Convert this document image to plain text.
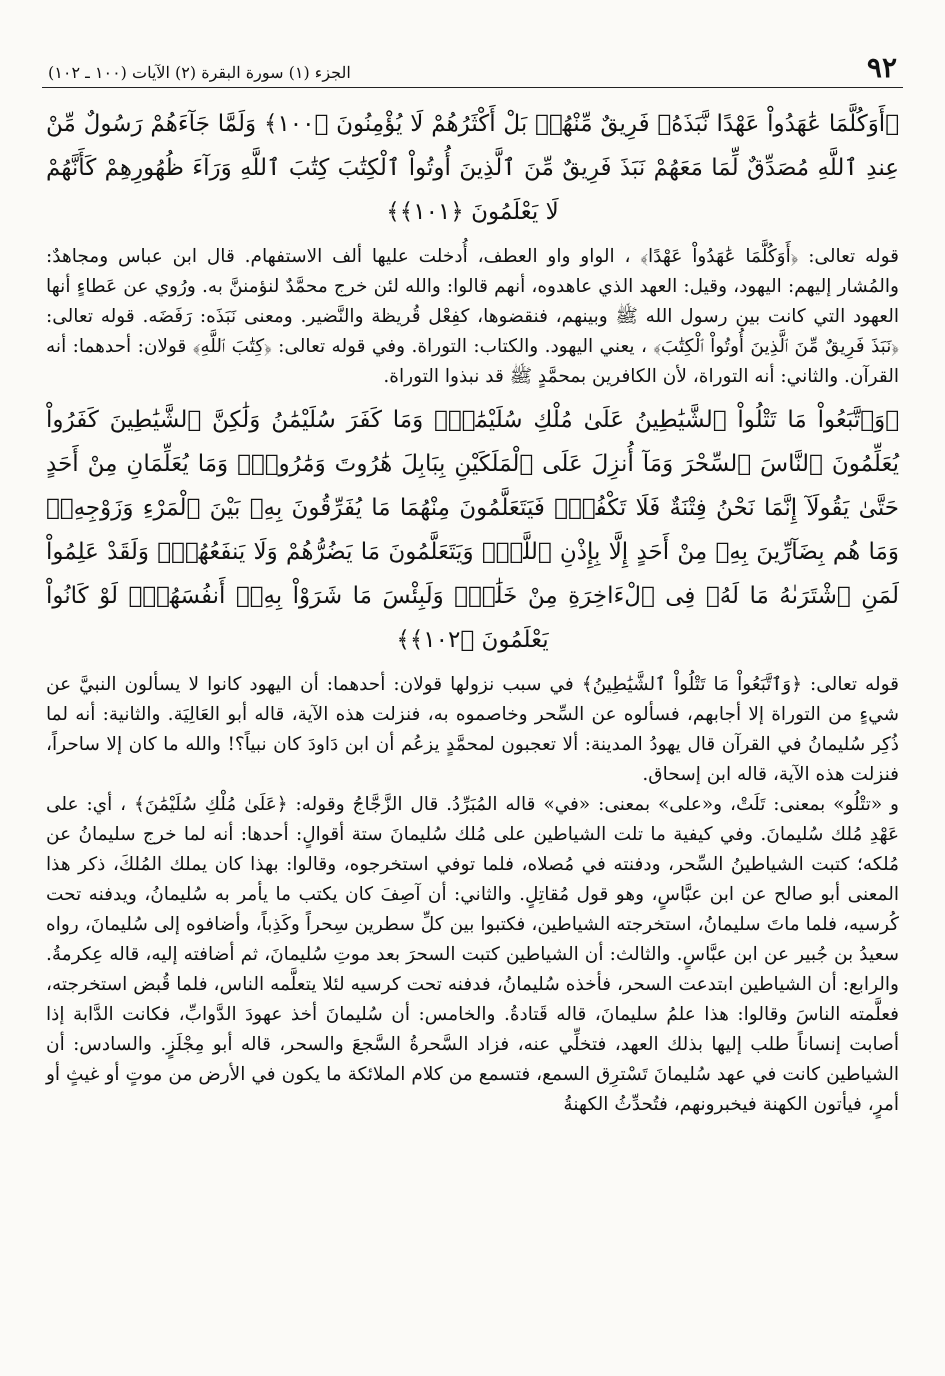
٩٢
الجزء (١) سورة البقرة (٢) الآيات (١٠٠ ـ ١٠٢)
﴿أَوَكُلَّمَا عَٰهَدُواْ عَهْدًا نَّبَذَهُۥ فَرِيقٌ مِّنْهُمۚ بَلْ أَكْثَرُهُمْ لَا يُؤْمِنُونَ ﴿١٠٠﴾ وَلَمَّا جَآءَهُمْ رَسُولٌ مِّنْ عِندِ ٱللَّهِ مُصَدِّقٌ لِّمَا مَعَهُمْ نَبَذَ فَرِيقٌ مِّنَ ٱلَّذِينَ أُوتُواْ ٱلْكِتَٰبَ كِتَٰبَ ٱللَّهِ وَرَآءَ ظُهُورِهِمْ كَأَنَّهُمْ لَا يَعْلَمُونَ ﴿١٠١﴾﴾

قوله تعالى: ﴿أَوَكُلَّمَا عَٰهَدُواْ عَهْدًا﴾ ، الواو واو العطف، أُدخلت عليها ألف الاستفهام. قال ابن عباس ومجاهدٌ: والمُشار إليهم: اليهود، وقيل: العهد الذي عاهدوه، أنهم قالوا: والله لئن خرج محمَّدٌ لنؤمننَّ به. ورُوي عن عَطاءٍ أنها العهود التي كانت بين رسول الله ﷺ وبينهم، فنقضوها، كفِعْل قُريظة والنَّضير. ومعنى نَبَذَه: رَفَضَه. قوله تعالى: ﴿نَبَذَ فَرِيقٌ مِّنَ ٱلَّذِينَ أُوتُواْ ٱلْكِتَٰبَ﴾ ، يعني اليهود. والكتاب: التوراة. وفي قوله تعالى: ﴿كِتَٰبَ ٱللَّهِ﴾ قولان: أحدهما: أنه القرآن. والثاني: أنه التوراة، لأن الكافرين بمحمَّدٍ ﷺ قد نبذوا التوراة.

﴿وَٱتَّبَعُواْ مَا تَتْلُواْ ٱلشَّيَٰطِينُ عَلَىٰ مُلْكِ سُلَيْمَٰنَۖ وَمَا كَفَرَ سُلَيْمَٰنُ وَلَٰكِنَّ ٱلشَّيَٰطِينَ كَفَرُواْ يُعَلِّمُونَ ٱلنَّاسَ ٱلسِّحْرَ وَمَآ أُنزِلَ عَلَى ٱلْمَلَكَيْنِ بِبَابِلَ هَٰرُوتَ وَمَٰرُوتَۚ وَمَا يُعَلِّمَانِ مِنْ أَحَدٍ حَتَّىٰ يَقُولَآ إِنَّمَا نَحْنُ فِتْنَةٌ فَلَا تَكْفُرْۖ فَيَتَعَلَّمُونَ مِنْهُمَا مَا يُفَرِّقُونَ بِهِۦ بَيْنَ ٱلْمَرْءِ وَزَوْجِهِۦۚ وَمَا هُم بِضَآرِّينَ بِهِۦ مِنْ أَحَدٍ إِلَّا بِإِذْنِ ٱللَّهِۚ وَيَتَعَلَّمُونَ مَا يَضُرُّهُمْ وَلَا يَنفَعُهُمْۚ وَلَقَدْ عَلِمُواْ لَمَنِ ٱشْتَرَىٰهُ مَا لَهُۥ فِى ٱلْءَاخِرَةِ مِنْ خَلَٰقٍۚ وَلَبِئْسَ مَا شَرَوْاْ بِهِۦٓ أَنفُسَهُمْۚ لَوْ كَانُواْ يَعْلَمُونَ ﴿١٠٢﴾﴾

قوله تعالى: ﴿وَٱتَّبَعُواْ مَا تَتْلُواْ ٱلشَّيَٰطِينُ﴾ في سبب نزولها قولان: أحدهما: أن اليهود كانوا لا يسألون النبيَّ عن شيءٍ من التوراة إلا أجابهم، فسألوه عن السِّحر وخاصموه به، فنزلت هذه الآية، قاله أبو العَالِيَة. والثانية: أنه لما ذُكِر سُليمانُ في القرآن قال يهودُ المدينة: ألا تعجبون لمحمَّدٍ يزعُم أن ابن دَاودَ كان نبياً؟! والله ما كان إلا ساحراً، فنزلت هذه الآية، قاله ابن إسحاق.

و «تتْلُو» بمعنى: تَلَتْ، و«على» بمعنى: «في» قاله المُبَرِّدُ. قال الزَّجَّاجُ وقوله: ﴿عَلَىٰ مُلْكِ سُلَيْمَٰنَ﴾ ، أي: على عَهْدِ مُلك سُليمانَ. وفي كيفية ما تلت الشياطين على مُلك سُليمانَ ستة أقوالٍ: أحدها: أنه لما خرج سليمانُ عن مُلكه؛ كتبت الشياطينُ السِّحر، ودفنته في مُصلاه، فلما توفي استخرجوه، وقالوا: بهذا كان يملك المُلكَ، ذكر هذا المعنى أبو صالح عن ابن عبَّاسٍ، وهو قول مُقاتِلٍ. والثاني: أن آصِفَ كان يكتب ما يأمر به سُليمانُ، ويدفنه تحت كُرسيه، فلما ماتَ سليمانُ، استخرجته الشياطين، فكتبوا بين كلِّ سطرين سِحراً وكَذِباً، وأضافوه إلى سُليمانَ، رواه سعيدُ بن جُبير عن ابن عبَّاسٍ. والثالث: أن الشياطين كتبت السحرَ بعد موتِ سُليمانَ، ثم أضافته إليه، قاله عِكرمةُ. والرابع: أن الشياطين ابتدعت السحر، فأخذه سُليمانُ، فدفنه تحت كرسيه لئلا يتعلَّمه الناس، فلما قُبض استخرجته، فعلَّمته الناسَ وقالوا: هذا علمُ سليمانَ، قاله قَتادةُ. والخامس: أن سُليمانَ أخذ عهودَ الدَّوابِّ، فكانت الدَّابة إذا أصابت إنساناً طلب إليها بذلك العهد، فتخلِّي عنه، فزاد السَّحرةُ السَّجعَ والسحر، قاله أبو مِجْلَزٍ. والسادس: أن الشياطين كانت في عهد سُليمانَ تَسْترِق السمع، فتسمع من كلام الملائكة ما يكون في الأرض من موتٍ أو غيثٍ أو أمرٍ، فيأتون الكهنة فيخبرونهم، فتُحدِّثُ الكهنةُ
